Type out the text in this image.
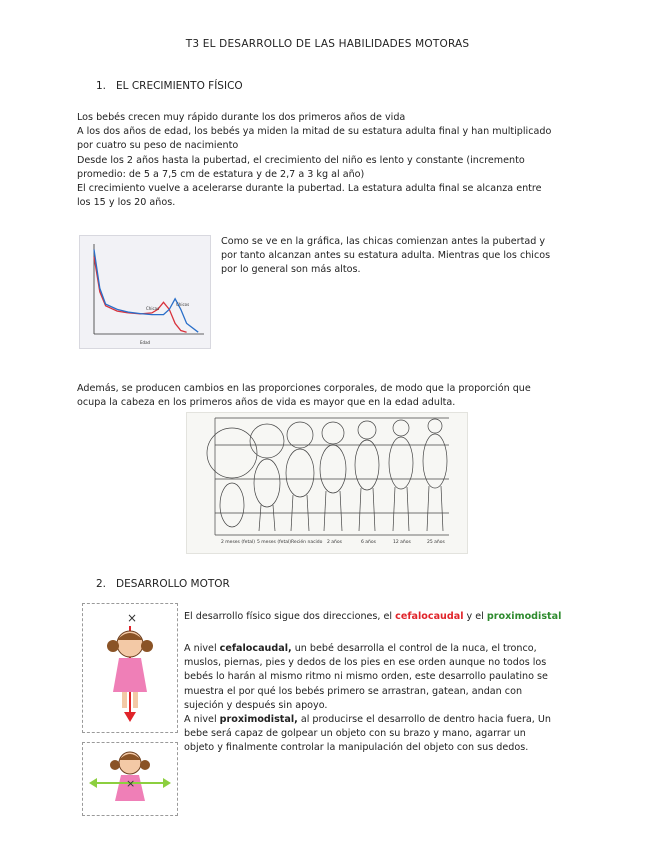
T3 EL DESARROLLO DE LAS HABILIDADES MOTORAS
1. EL CRECIMIENTO FÍSICO

Los bebés crecen muy rápido durante los dos primeros años de vida

A los dos años de edad, los bebés ya miden la mitad de su estatura adulta final y han multiplicado

por cuatro su peso de nacimiento

Desde los 2 años hasta la pubertad, el crecimiento del niño es lento y constante (incremento

promedio: de 5 a 7,5 cm de estatura y de 2,7 a 3 kg al año)

El crecimiento vuelve a acelerarse durante la pubertad. La estatura adulta final se alcanza entre

los 15 y los 20 años.

Chicas
Chicos
Edad

Como se ve en la gráfica, las chicas comienzan antes la pubertad y

por tanto alcanzan antes su estatura adulta. Mientras que los chicos

por lo general son más altos.

Además, se producen cambios en las proporciones corporales, de modo que la proporción que

ocupa la cabeza en los primeros años de vida es mayor que en la edad adulta.

2 meses (fetal) 5 meses (fetal) Recién nacido 2 años	6 años	12 años	25 años
2. DESARROLLO MOTOR
×
×

El desarrollo físico sigue dos direcciones, el cefalocaudal y el proximodistal

A nivel cefalocaudal, un bebé desarrolla el control de la nuca, el tronco,

muslos, piernas, pies y dedos de los pies en ese orden aunque no todos los

bebés lo harán al mismo ritmo ni mismo orden, este desarrollo paulatino se

muestra el por qué los bebés primero se arrastran, gatean, andan con

sujeción y después sin apoyo.

A nivel proximodistal, al producirse el desarrollo de dentro hacia fuera, Un

bebe será capaz de golpear un objeto con su brazo y mano, agarrar un

objeto y finalmente controlar la manipulación del objeto con sus dedos.
